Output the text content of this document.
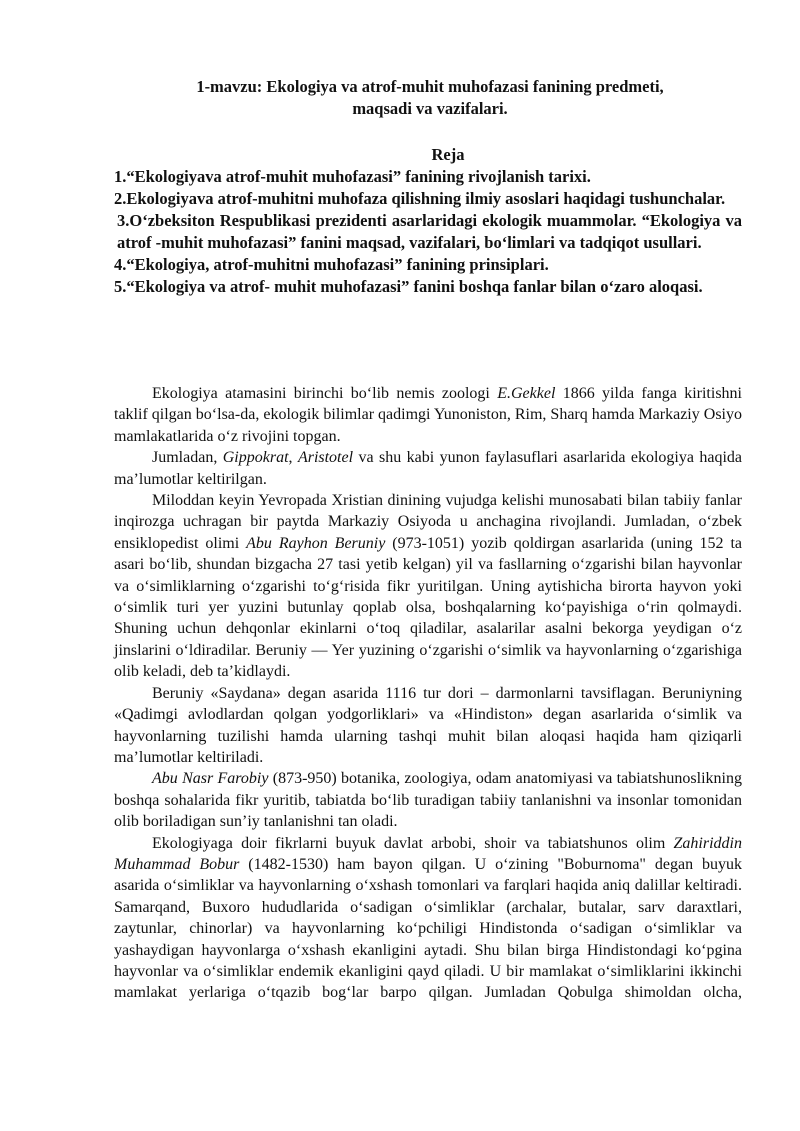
1-mavzu: Ekologiya va atrof-muhit muhofazasi fanining predmeti,
maqsadi va vazifalari.
Reja

1.“Ekologiyava atrof-muhit muhofazasi” fanining rivojlanish tarixi.

2.Ekologiyava atrof-muhitni muhofaza qilishning ilmiy asoslari haqidagi tushunchalar.

3.O‘zbeksiton Respublikasi prezidenti asarlaridagi ekologik muammolar. “Ekologiya va atrof -muhit muhofazasi” fanini maqsad, vazifalari, bo‘limlari va tadqiqot usullari.

4.“Ekologiya, atrof-muhitni muhofazasi” fanining prinsiplari.

5.“Ekologiya va atrof- muhit muhofazasi” fanini boshqa fanlar bilan o‘zaro aloqasi.

Ekologiya atamasini birinchi bo‘lib nemis zoologi E.Gekkel 1866 yilda fanga kiritishni taklif qilgan bo‘lsa-da, ekologik bilimlar qadimgi Yunoniston, Rim, Sharq hamda Markaziy Osiyo mamlakatlarida o‘z rivojini topgan.

Jumladan, Gippokrat, Aristotel va shu kabi yunon faylasuflari asarlarida ekologiya haqida ma’lumotlar keltirilgan.

Miloddan keyin Yevropada Xristian dinining vujudga kelishi munosabati bilan tabiiy fanlar inqirozga uchragan bir paytda Markaziy Osiyoda u anchagina rivojlandi. Jumladan, o‘zbek ensiklopedist olimi Abu Rayhon Beruniy (973-1051) yozib qoldirgan asarlarida (uning 152 ta asari bo‘lib, shundan bizgacha 27 tasi yetib kelgan) yil va fasllarning o‘zgarishi bilan hayvonlar va o‘simliklarning o‘zgarishi to‘g‘risida fikr yuritilgan. Uning aytishicha birorta hayvon yoki o‘simlik turi yer yuzini butunlay qoplab olsa, boshqalarning ko‘payishiga o‘rin qolmaydi. Shuning uchun dehqonlar ekinlarni o‘toq qiladilar, asalarilar asalni bekorga yeydigan o‘z jinslarini o‘ldiradilar. Beruniy — Yer yuzining o‘zgarishi o‘simlik va hayvonlarning o‘zgarishiga olib keladi, deb ta’kidlaydi.

Beruniy «Saydana» degan asarida 1116 tur dori – darmonlarni tavsiflagan. Beruniyning «Qadimgi avlodlardan qolgan yodgorliklari» va «Hindiston» degan asarlarida o‘simlik va hayvonlarning tuzilishi hamda ularning tashqi muhit bilan aloqasi haqida ham qiziqarli ma’lumotlar keltiriladi.

Abu Nasr Farobiy (873-950) botanika, zoologiya, odam anatomiyasi va tabiatshunoslikning boshqa sohalarida fikr yuritib, tabiatda bo‘lib turadigan tabiiy tanlanishni va insonlar tomonidan olib boriladigan sun’iy tanlanishni tan oladi.

Ekologiyaga doir fikrlarni buyuk davlat arbobi, shoir va tabiatshunos olim Zahiriddin Muhammad Bobur (1482-1530) ham bayon qilgan. U o‘zining "Boburnoma" degan buyuk asarida o‘simliklar va hayvonlarning o‘xshash tomonlari va farqlari haqida aniq dalillar keltiradi. Samarqand, Buxoro hududlarida o‘sadigan o‘simliklar (archalar, butalar, sarv daraxtlari, zaytunlar, chinorlar) va hayvonlarning ko‘pchiligi Hindistonda o‘sadigan o‘simliklar va yashaydigan hayvonlarga o‘xshash ekanligini aytadi. Shu bilan birga Hindistondagi ko‘pgina hayvonlar va o‘simliklar endemik ekanligini qayd qiladi. U bir mamlakat o‘simliklarini ikkinchi mamlakat yerlariga o‘tqazib bog‘lar barpo qilgan. Jumladan Qobulga shimoldan olcha,
